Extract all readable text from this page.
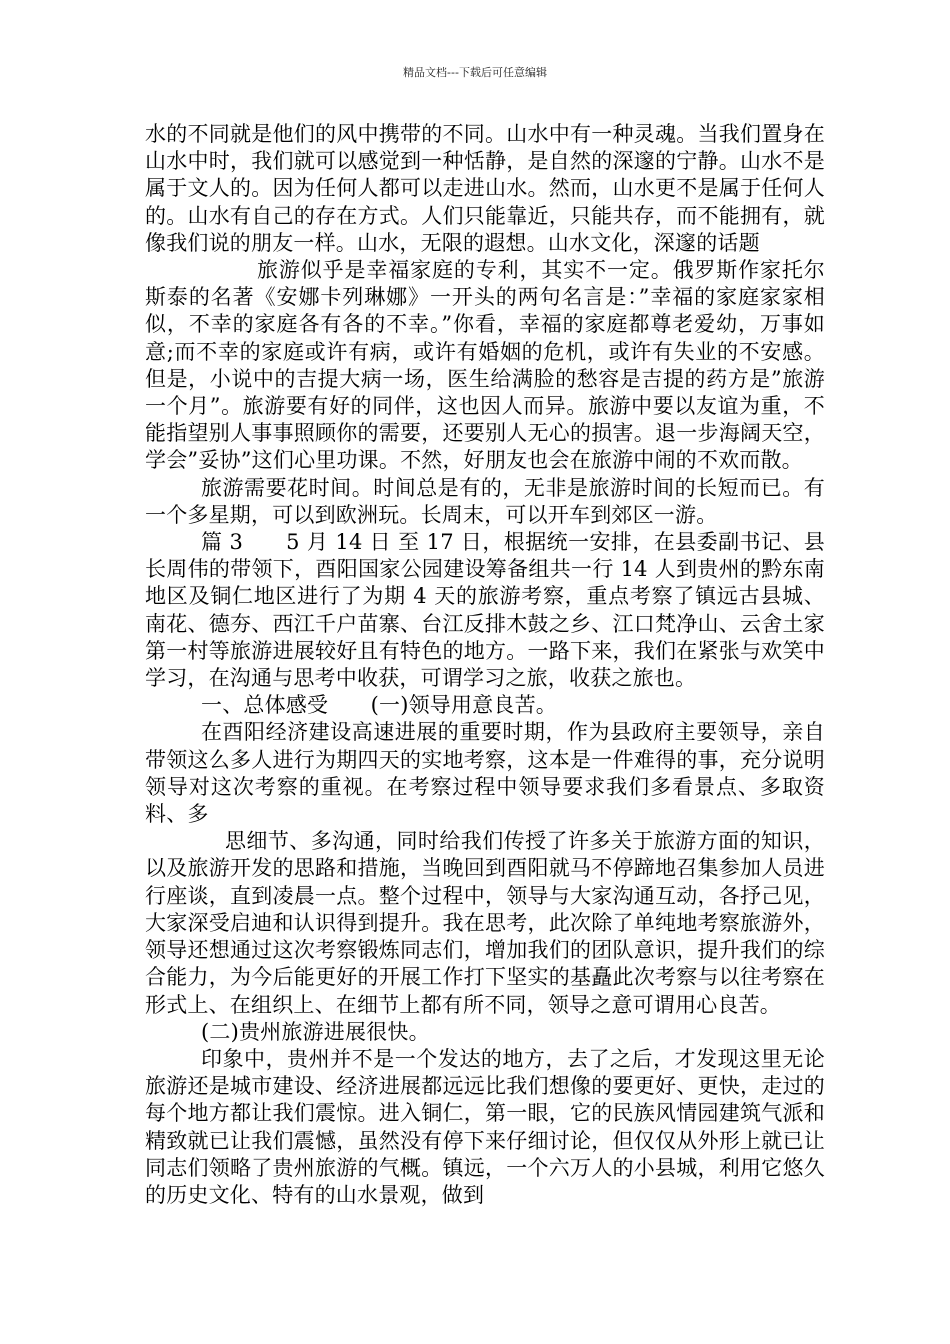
精品文档---下载后可任意编辑

水的不同就是他们的风中携带的不同。山水中有一种灵魂。当我们置身在山水中时，我们就可以感觉到一种恬静，是自然的深邃的宁静。山水不是属于文人的。因为任何人都可以走进山水。然而，山水更不是属于任何人的。山水有自己的存在方式。人们只能靠近，只能共存，而不能拥有，就像我们说的朋友一样。山水，无限的遐想。山水文化，深邃的话题

旅游似乎是幸福家庭的专利，其实不一定。俄罗斯作家托尔斯泰的名著《安娜卡列琳娜》一开头的两句名言是：”幸福的家庭家家相似，不幸的家庭各有各的不幸。”你看，幸福的家庭都尊老爱幼，万事如意;而不幸的家庭或许有病，或许有婚姻的危机，或许有失业的不安感。但是，小说中的吉提大病一场，医生给满脸的愁容是吉提的药方是”旅游一个月”。旅游要有好的同伴，这也因人而异。旅游中要以友谊为重，不能指望别人事事照顾你的需要，还要别人无心的损害。退一步海阔天空，学会”妥协”这们心里功课。不然，好朋友也会在旅游中闹的不欢而散。

旅游需要花时间。时间总是有的，无非是旅游时间的长短而已。有一个多星期，可以到欧洲玩。长周末，可以开车到郊区一游。

篇 3　　5 月 14 日 至 17 日，根据统一安排，在县委副书记、县长周伟的带领下，酉阳国家公园建设筹备组共一行 14 人到贵州的黔东南地区及铜仁地区进行了为期 4 天的旅游考察，重点考察了镇远古县城、南花、德夯、西江千户苗寨、台江反排木鼓之乡、江口梵净山、云舍土家第一村等旅游进展较好且有特色的地方。一路下来，我们在紧张与欢笑中学习，在沟通与思考中收获，可谓学习之旅，收获之旅也。

一、总体感受　　(一)领导用意良苦。

在酉阳经济建设高速进展的重要时期，作为县政府主要领导，亲自带领这么多人进行为期四天的实地考察，这本是一件难得的事，充分说明领导对这次考察的重视。在考察过程中领导要求我们多看景点、多取资料、多

思细节、多沟通，同时给我们传授了许多关于旅游方面的知识，以及旅游开发的思路和措施，当晚回到酉阳就马不停蹄地召集参加人员进行座谈，直到凌晨一点。整个过程中，领导与大家沟通互动，各抒己见，大家深受启迪和认识得到提升。我在思考，此次除了单纯地考察旅游外，领导还想通过这次考察锻炼同志们，增加我们的团队意识，提升我们的综合能力，为今后能更好的开展工作打下坚实的基矗此次考察与以往考察在形式上、在组织上、在细节上都有所不同，领导之意可谓用心良苦。

(二)贵州旅游进展很快。

印象中，贵州并不是一个发达的地方，去了之后，才发现这里无论旅游还是城市建设、经济进展都远远比我们想像的要更好、更快，走过的每个地方都让我们震惊。进入铜仁，第一眼，它的民族风情园建筑气派和精致就已让我们震憾，虽然没有停下来仔细讨论，但仅仅从外形上就已让同志们领略了贵州旅游的气概。镇远，一个六万人的小县城，利用它悠久的历史文化、特有的山水景观，做到
